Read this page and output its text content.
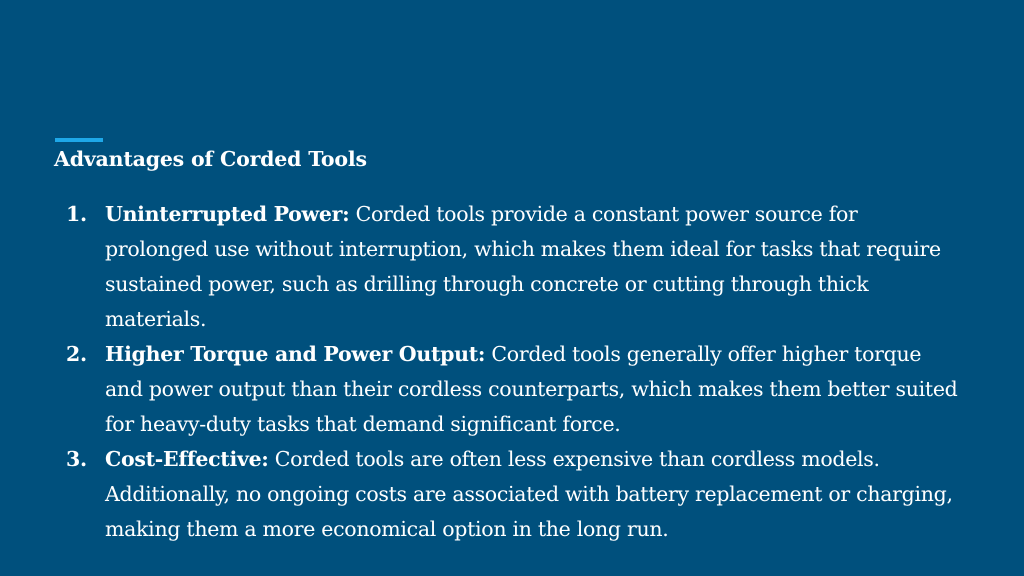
Advantages of Corded Tools
1. Uninterrupted Power: Corded tools provide a constant power source for prolonged use without interruption, which makes them ideal for tasks that require sustained power, such as drilling through concrete or cutting through thick materials.
2. Higher Torque and Power Output: Corded tools generally offer higher torque and power output than their cordless counterparts, which makes them better suited for heavy-duty tasks that demand significant force.
3. Cost-Effective: Corded tools are often less expensive than cordless models. Additionally, no ongoing costs are associated with battery replacement or charging, making them a more economical option in the long run.
